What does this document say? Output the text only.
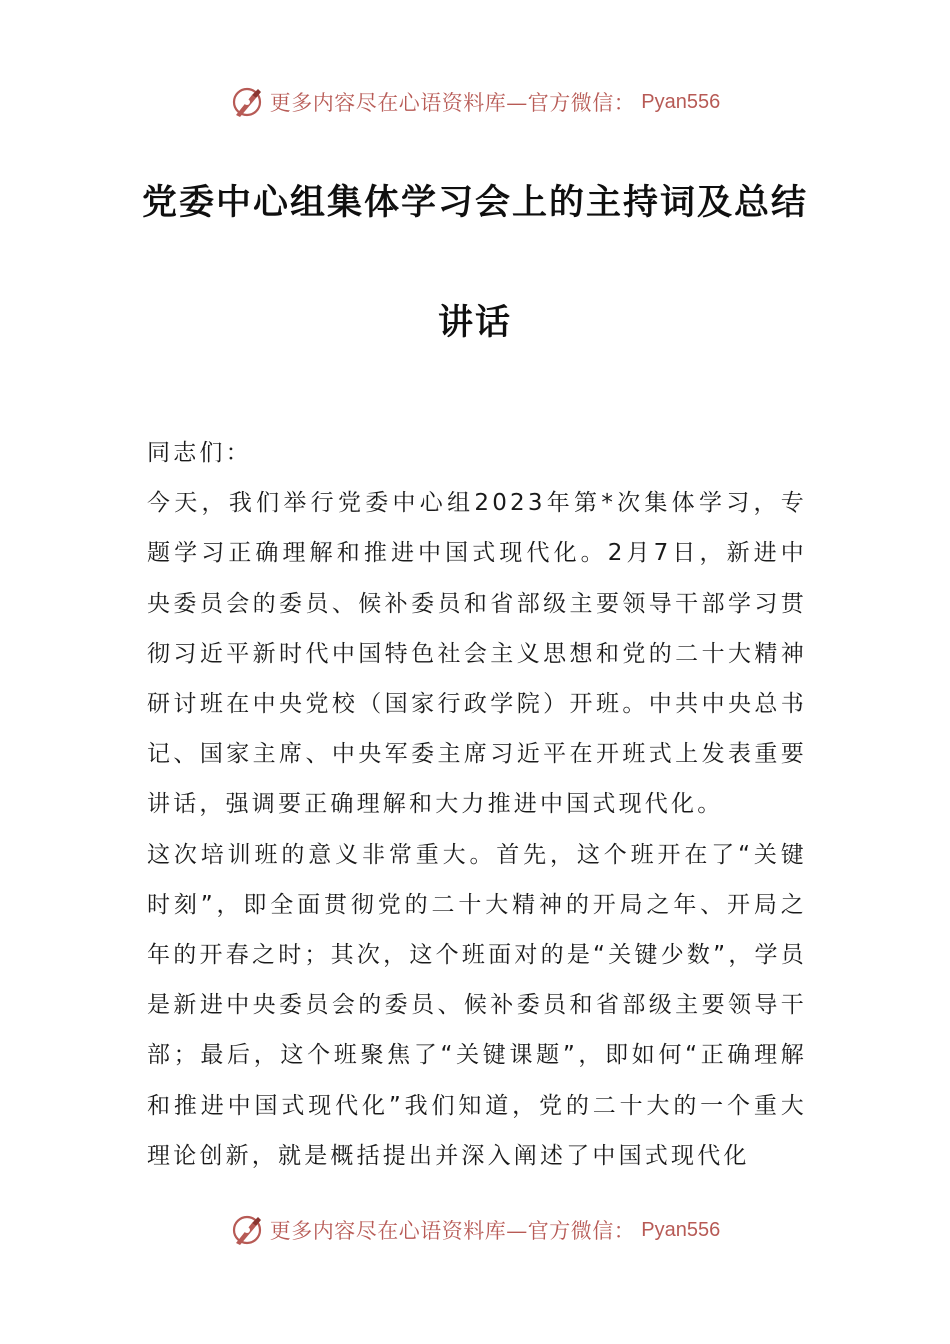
更多内容尽在心语资料库—官方微信： Pyan556
党委中心组集体学习会上的主持词及总结
讲话

同志们：

今天，我们举行党委中心组2023年第*次集体学习，专题学习正确理解和推进中国式现代化。2月7日，新进中央委员会的委员、候补委员和省部级主要领导干部学习贯彻习近平新时代中国特色社会主义思想和党的二十大精神研讨班在中央党校（国家行政学院）开班。中共中央总书记、国家主席、中央军委主席习近平在开班式上发表重要讲话，强调要正确理解和大力推进中国式现代化。

这次培训班的意义非常重大。首先，这个班开在了“关键时刻”，即全面贯彻党的二十大精神的开局之年、开局之年的开春之时；其次，这个班面对的是“关键少数”，学员是新进中央委员会的委员、候补委员和省部级主要领导干部；最后，这个班聚焦了“关键课题”，即如何“正确理解和推进中国式现代化”我们知道，党的二十大的一个重大理论创新，就是概括提出并深入阐述了中国式现代化

更多内容尽在心语资料库—官方微信： Pyan556
